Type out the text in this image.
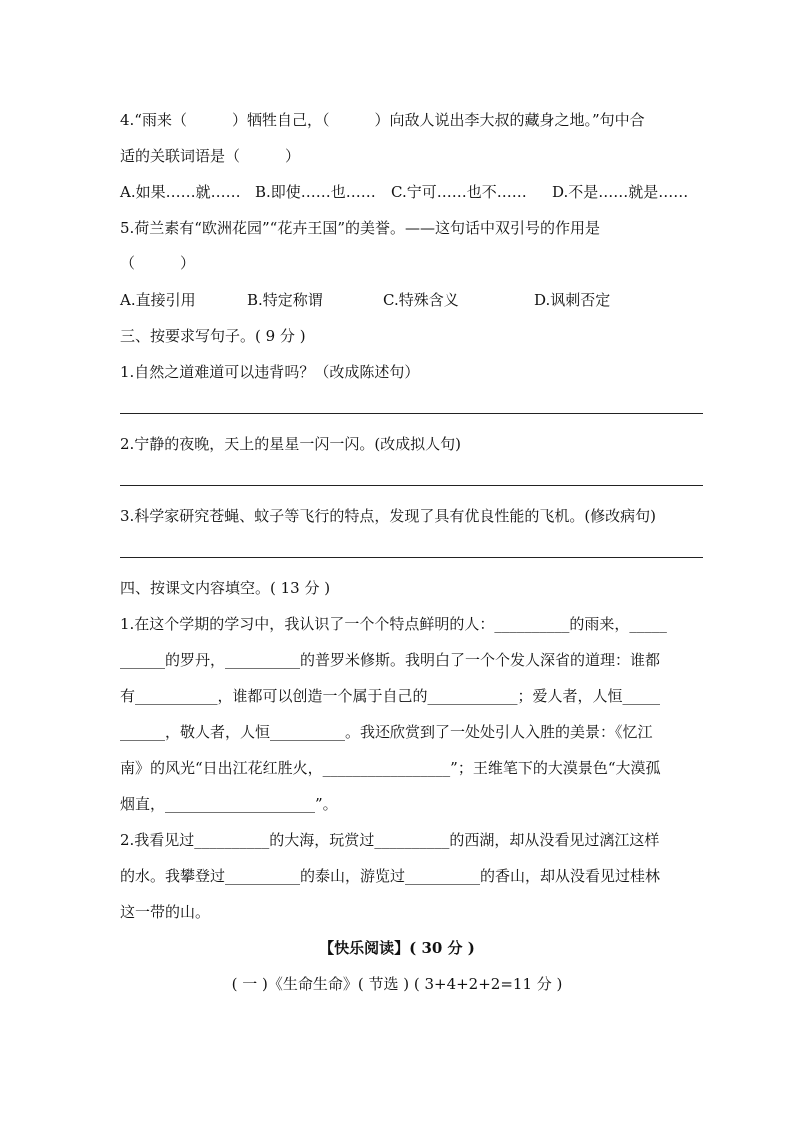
4.“雨来（　　　）牺牲自己，（　　　）向敌人说出李大叔的藏身之地。”句中合
适的关联词语是（　　　）
A.如果……就…… B.即使……也…… C.宁可……也不…… D.不是……就是……
5.荷兰素有“欧洲花园”“花卉王国”的美誉。——这句话中双引号的作用是
（　　　）
A.直接引用	B.特定称谓	C.特殊含义	D.讽刺否定
三、按要求写句子。( 9 分 )
1.自然之道难道可以违背吗？（改成陈述句）
2.宁静的夜晚，天上的星星一闪一闪。(改成拟人句)
3.科学家研究苍蝇、蚊子等飞行的特点，发现了具有优良性能的飞机。(修改病句)
四、按课文内容填空。( 13 分 )
1.在这个学期的学习中，我认识了一个个特点鲜明的人：__________的雨来，_____
______的罗丹，__________的普罗米修斯。我明白了一个个发人深省的道理：谁都
有___________，谁都可以创造一个属于自己的____________；爱人者，人恒_____
______，敬人者，人恒__________。我还欣赏到了一处处引人入胜的美景：《忆江
南》的风光“日出江花红胜火，_________________”；王维笔下的大漠景色“大漠孤
烟直，____________________”。
2.我看见过__________的大海，玩赏过__________的西湖，却从没看见过漓江这样
的水。我攀登过__________的泰山，游览过__________的香山，却从没看见过桂林
这一带的山。
【快乐阅读】( 30 分 )
( 一 )《生命生命》( 节选 ) ( 3+4+2+2=11 分 )
